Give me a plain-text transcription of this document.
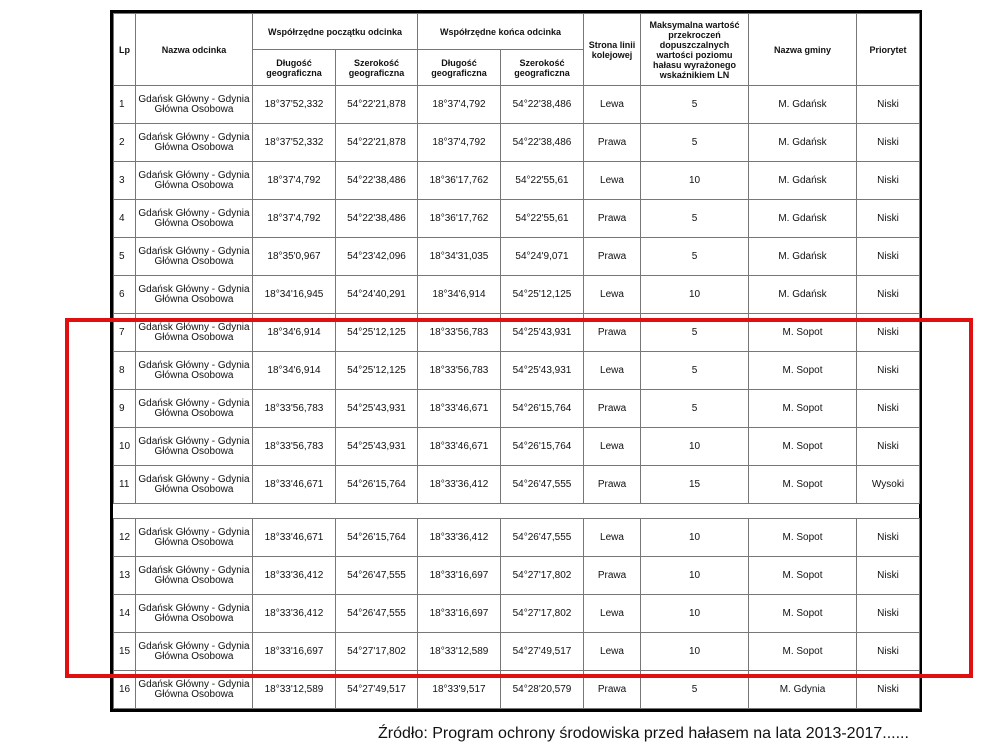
Lp	Nazwa odcinka	Współrzędne początku odcinka		Współrzędne końca odcinka		Strona linii kolejowej	Maksymalna wartość przekroczeń dopuszczalnych wartości poziomu hałasu wyrażonego wskaźnikiem LN	Nazwa gminy	Priorytet
		Długość geograficzna	Szerokość geograficzna	Długość geograficzna	Szerokość geograficzna				
1	Gdańsk Główny - Gdynia Główna Osobowa	18°37'52,332	54°22'21,878	18°37'4,792	54°22'38,486	Lewa	5	M. Gdańsk	Niski
2	Gdańsk Główny - Gdynia Główna Osobowa	18°37'52,332	54°22'21,878	18°37'4,792	54°22'38,486	Prawa	5	M. Gdańsk	Niski
3	Gdańsk Główny - Gdynia Główna Osobowa	18°37'4,792	54°22'38,486	18°36'17,762	54°22'55,61	Lewa	10	M. Gdańsk	Niski
4	Gdańsk Główny - Gdynia Główna Osobowa	18°37'4,792	54°22'38,486	18°36'17,762	54°22'55,61	Prawa	5	M. Gdańsk	Niski
5	Gdańsk Główny - Gdynia Główna Osobowa	18°35'0,967	54°23'42,096	18°34'31,035	54°24'9,071	Prawa	5	M. Gdańsk	Niski
6	Gdańsk Główny - Gdynia Główna Osobowa	18°34'16,945	54°24'40,291	18°34'6,914	54°25'12,125	Lewa	10	M. Gdańsk	Niski
7	Gdańsk Główny - Gdynia Główna Osobowa	18°34'6,914	54°25'12,125	18°33'56,783	54°25'43,931	Prawa	5	M. Sopot	Niski
8	Gdańsk Główny - Gdynia Główna Osobowa	18°34'6,914	54°25'12,125	18°33'56,783	54°25'43,931	Lewa	5	M. Sopot	Niski
9	Gdańsk Główny - Gdynia Główna Osobowa	18°33'56,783	54°25'43,931	18°33'46,671	54°26'15,764	Prawa	5	M. Sopot	Niski
10	Gdańsk Główny - Gdynia Główna Osobowa	18°33'56,783	54°25'43,931	18°33'46,671	54°26'15,764	Lewa	10	M. Sopot	Niski
11	Gdańsk Główny - Gdynia Główna Osobowa	18°33'46,671	54°26'15,764	18°33'36,412	54°26'47,555	Prawa	15	M. Sopot	Wysoki

12	Gdańsk Główny - Gdynia Główna Osobowa	18°33'46,671	54°26'15,764	18°33'36,412	54°26'47,555	Lewa	10	M. Sopot	Niski
13	Gdańsk Główny - Gdynia Główna Osobowa	18°33'36,412	54°26'47,555	18°33'16,697	54°27'17,802	Prawa	10	M. Sopot	Niski
14	Gdańsk Główny - Gdynia Główna Osobowa	18°33'36,412	54°26'47,555	18°33'16,697	54°27'17,802	Lewa	10	M. Sopot	Niski
15	Gdańsk Główny - Gdynia Główna Osobowa	18°33'16,697	54°27'17,802	18°33'12,589	54°27'49,517	Lewa	10	M. Sopot	Niski
16	Gdańsk Główny - Gdynia Główna Osobowa	18°33'12,589	54°27'49,517	18°33'9,517	54°28'20,579	Prawa	5	M. Gdynia	Niski
Źródło: Program ochrony środowiska przed hałasem na lata 2013-2017......
